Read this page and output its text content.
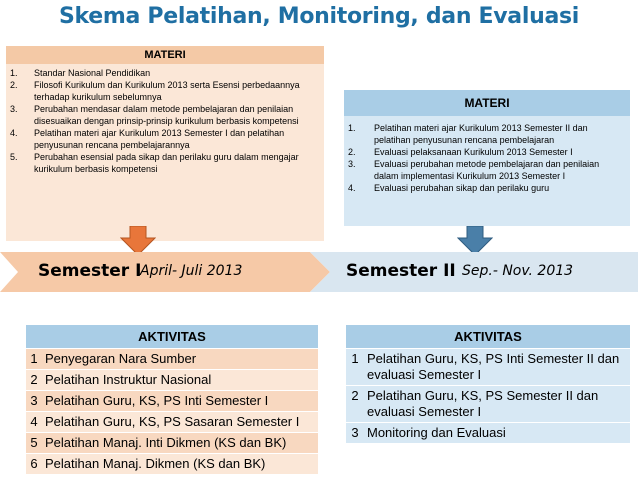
Skema Pelatihan, Monitoring, dan Evaluasi
MATERI
1.	Standar Nasional Pendidikan
2.	Filosofi Kurikulum dan Kurikulum 2013 serta Esensi perbedaannya terhadap kurikulum sebelumnya
3.	Perubahan mendasar dalam metode pembelajaran dan penilaian disesuaikan dengan prinsip-prinsip kurikulum berbasis kompetensi
4.	Pelatihan materi ajar Kurikulum 2013 Semester I dan pelatihan penyusunan rencana pembelajarannya
5.	Perubahan esensial pada sikap dan perilaku guru dalam mengajar kurikulum berbasis kompetensi
MATERI
1.	Pelatihan materi ajar Kurikulum 2013 Semester II dan pelatihan penyusunan rencana pembelajaran
2.	Evaluasi pelaksanaan Kurikulum 2013 Semester I
3.	Evaluasi perubahan metode pembelajaran dan penilaian dalam implementasi Kurikulum 2013 Semester I
4.	Evaluasi perubahan sikap dan perilaku guru
Semester I
April- Juli 2013	Semester II Sep.- Nov. 2013
AKTIVITAS
1 Penyegaran Nara Sumber
2 Pelatihan Instruktur Nasional
3 Pelatihan Guru, KS, PS Inti Semester I
4 Pelatihan Guru, KS, PS Sasaran Semester I
5 Pelatihan Manaj. Inti Dikmen (KS dan BK)
6 Pelatihan Manaj. Dikmen (KS dan BK)
AKTIVITAS
1 Pelatihan Guru, KS, PS Inti Semester II dan evaluasi Semester I
2 Pelatihan Guru, KS, PS Semester II dan evaluasi Semester I
3 Monitoring dan Evaluasi
